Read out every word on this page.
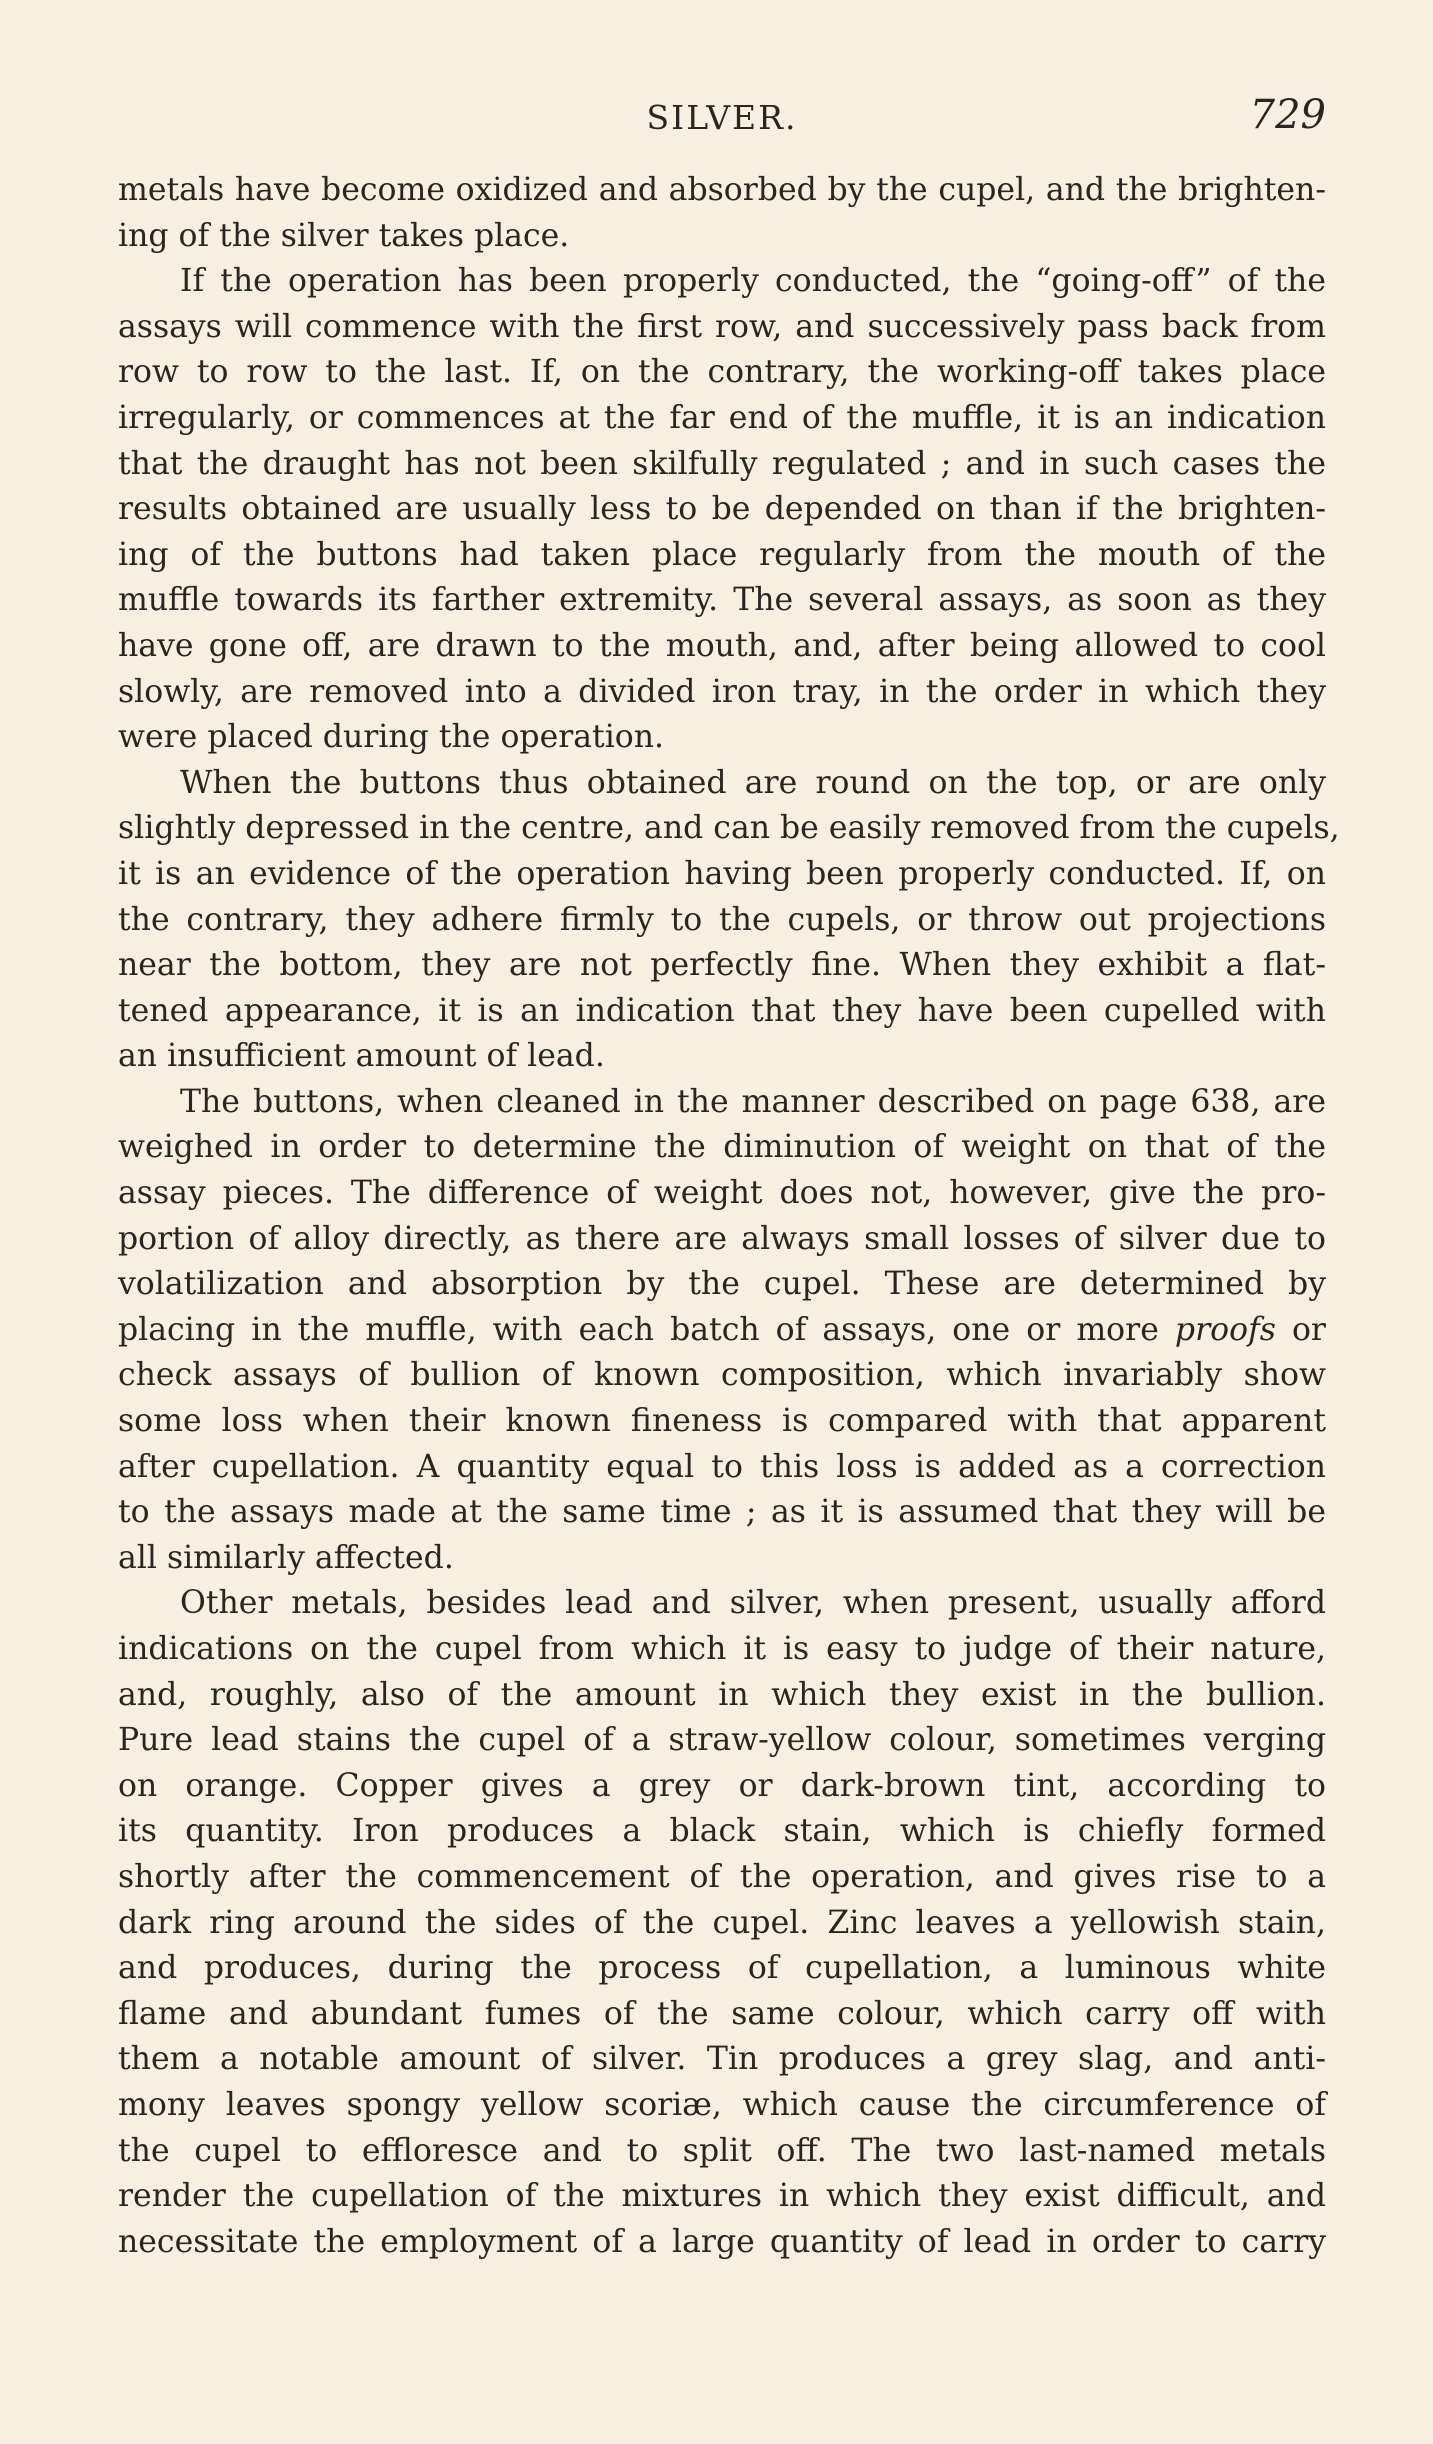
SILVER.	729
metals have become oxidized and absorbed by the cupel, and the brighten-
ing of the silver takes place.
If the operation has been properly conducted, the “going-off” of the
assays will commence with the first row, and successively pass back from
row to row to the last. If, on the contrary, the working-off takes place
irregularly, or commences at the far end of the muffle, it is an indication
that the draught has not been skilfully regulated ; and in such cases the
results obtained are usually less to be depended on than if the brighten-
ing of the buttons had taken place regularly from the mouth of the
muffle towards its farther extremity. The several assays, as soon as they
have gone off, are drawn to the mouth, and, after being allowed to cool
slowly, are removed into a divided iron tray, in the order in which they
were placed during the operation.
When the buttons thus obtained are round on the top, or are only
slightly depressed in the centre, and can be easily removed from the cupels,
it is an evidence of the operation having been properly conducted. If, on
the contrary, they adhere firmly to the cupels, or throw out projections
near the bottom, they are not perfectly fine. When they exhibit a flat-
tened appearance, it is an indication that they have been cupelled with
an insufficient amount of lead.
The buttons, when cleaned in the manner described on page 638, are
weighed in order to determine the diminution of weight on that of the
assay pieces. The difference of weight does not, however, give the pro-
portion of alloy directly, as there are always small losses of silver due to
volatilization and absorption by the cupel. These are determined by
placing in the muffle, with each batch of assays, one or more proofs or
check assays of bullion of known composition, which invariably show
some loss when their known fineness is compared with that apparent
after cupellation. A quantity equal to this loss is added as a correction
to the assays made at the same time ; as it is assumed that they will be
all similarly affected.
Other metals, besides lead and silver, when present, usually afford
indications on the cupel from which it is easy to judge of their nature,
and, roughly, also of the amount in which they exist in the bullion.
Pure lead stains the cupel of a straw-yellow colour, sometimes verging
on orange. Copper gives a grey or dark-brown tint, according to
its quantity. Iron produces a black stain, which is chiefly formed
shortly after the commencement of the operation, and gives rise to a
dark ring around the sides of the cupel. Zinc leaves a yellowish stain,
and produces, during the process of cupellation, a luminous white
flame and abundant fumes of the same colour, which carry off with
them a notable amount of silver. Tin produces a grey slag, and anti-
mony leaves spongy yellow scoriæ, which cause the circumference of
the cupel to effloresce and to split off. The two last-named metals
render the cupellation of the mixtures in which they exist difficult, and
necessitate the employment of a large quantity of lead in order to carry
